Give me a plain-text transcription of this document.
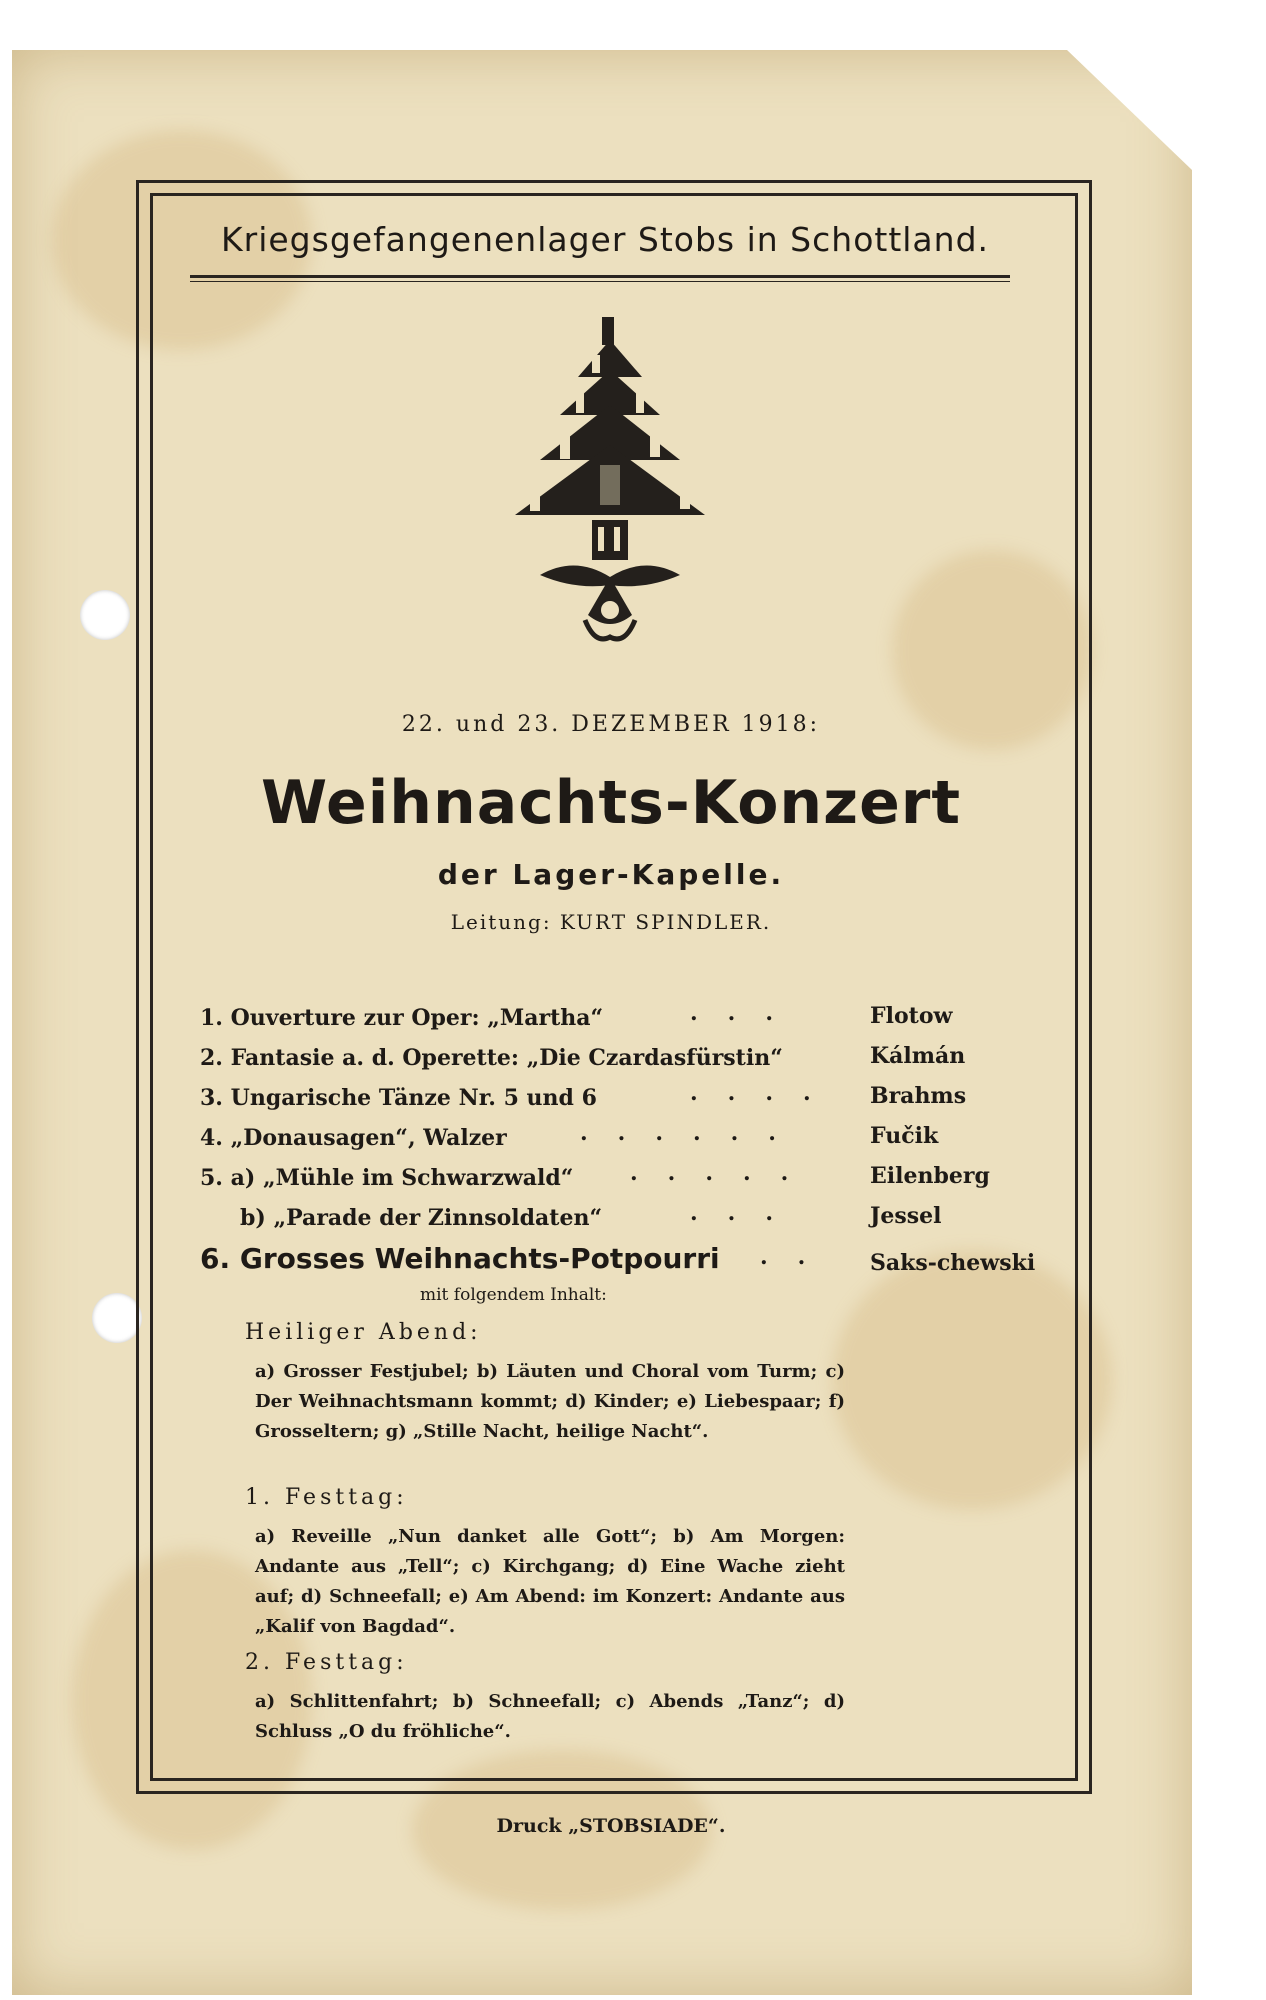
Kriegsgefangenenlager Stobs in Schottland.
22. und 23. DEZEMBER 1918:
Weihnachts-Konzert
der Lager-Kapelle.
Leitung: KURT SPINDLER.
1. Ouverture zur Oper: „Martha“	...	Flotow
2. Fantasie a. d. Operette: „Die Czardasfürstin“	Kálmán
3. Ungarische Tänze Nr. 5 und 6	.... Brahms
4. „Donausagen“, Walzer	......	Fučik
5. a) „Mühle im Schwarzwald“	..... Eilenberg
b) „Parade der Zinnsoldaten“	...	Jessel
6. Grosses Weihnachts-Potpourri .. Saks-chewski
mit folgendem Inhalt:
Heiliger Abend:
a) Grosser Festjubel; b) Läuten und Choral vom Turm; c) Der Weihnachtsmann kommt; d) Kinder; e) Liebespaar; f) Grosseltern; g) „Stille Nacht, heilige Nacht“.
1. Festtag:
a) Reveille „Nun danket alle Gott“; b) Am Morgen: Andante aus „Tell“; c) Kirchgang; d) Eine Wache zieht auf; d) Schneefall; e) Am Abend: im Konzert: Andante aus „Kalif von Bagdad“.
2. Festtag:
a) Schlittenfahrt; b) Schneefall; c) Abends „Tanz“; d) Schluss „O du fröhliche“.
Druck „STOBSIADE“.
